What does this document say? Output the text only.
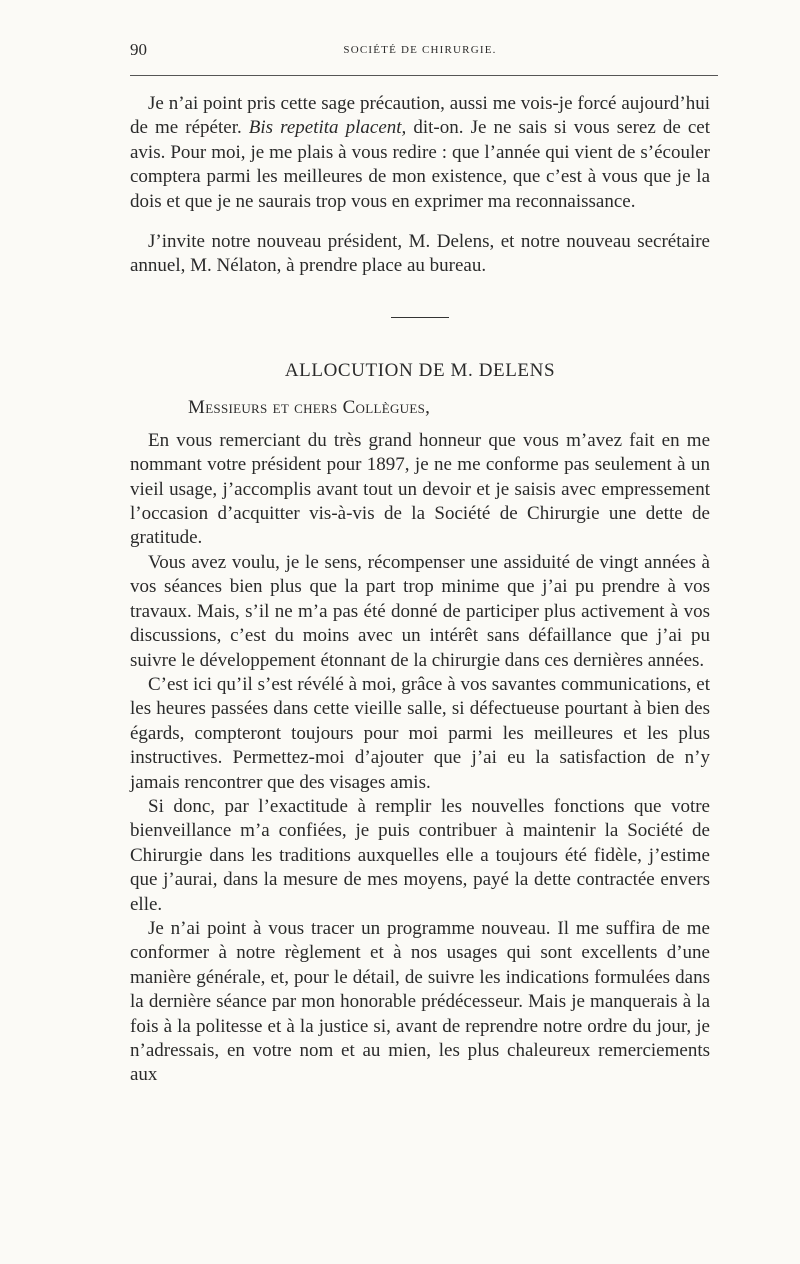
90	SOCIÉTÉ DE CHIRURGIE.

Je n’ai point pris cette sage précaution, aussi me vois-je forcé aujourd’hui de me répéter. Bis repetita placent, dit-on. Je ne sais si vous serez de cet avis. Pour moi, je me plais à vous redire : que l’année qui vient de s’écouler comptera parmi les meilleures de mon existence, que c’est à vous que je la dois et que je ne saurais trop vous en exprimer ma reconnaissance.

J’invite notre nouveau président, M. Delens, et notre nouveau secrétaire annuel, M. Nélaton, à prendre place au bureau.

ALLOCUTION DE M. DELENS
Messieurs et chers Collègues,

En vous remerciant du très grand honneur que vous m’avez fait en me nommant votre président pour 1897, je ne me conforme pas seulement à un vieil usage, j’accomplis avant tout un devoir et je saisis avec empressement l’occasion d’acquitter vis-à-vis de la Société de Chirurgie une dette de gratitude.

Vous avez voulu, je le sens, récompenser une assiduité de vingt années à vos séances bien plus que la part trop minime que j’ai pu prendre à vos travaux. Mais, s’il ne m’a pas été donné de participer plus activement à vos discussions, c’est du moins avec un intérêt sans défaillance que j’ai pu suivre le développement étonnant de la chirurgie dans ces dernières années.

C’est ici qu’il s’est révélé à moi, grâce à vos savantes communications, et les heures passées dans cette vieille salle, si défectueuse pourtant à bien des égards, compteront toujours pour moi parmi les meilleures et les plus instructives. Permettez-moi d’ajouter que j’ai eu la satisfaction de n’y jamais rencontrer que des visages amis.

Si donc, par l’exactitude à remplir les nouvelles fonctions que votre bienveillance m’a confiées, je puis contribuer à maintenir la Société de Chirurgie dans les traditions auxquelles elle a toujours été fidèle, j’estime que j’aurai, dans la mesure de mes moyens, payé la dette contractée envers elle.

Je n’ai point à vous tracer un programme nouveau. Il me suffira de me conformer à notre règlement et à nos usages qui sont excellents d’une manière générale, et, pour le détail, de suivre les indications formulées dans la dernière séance par mon honorable prédécesseur. Mais je manquerais à la fois à la politesse et à la justice si, avant de reprendre notre ordre du jour, je n’adressais, en votre nom et au mien, les plus chaleureux remerciements aux
